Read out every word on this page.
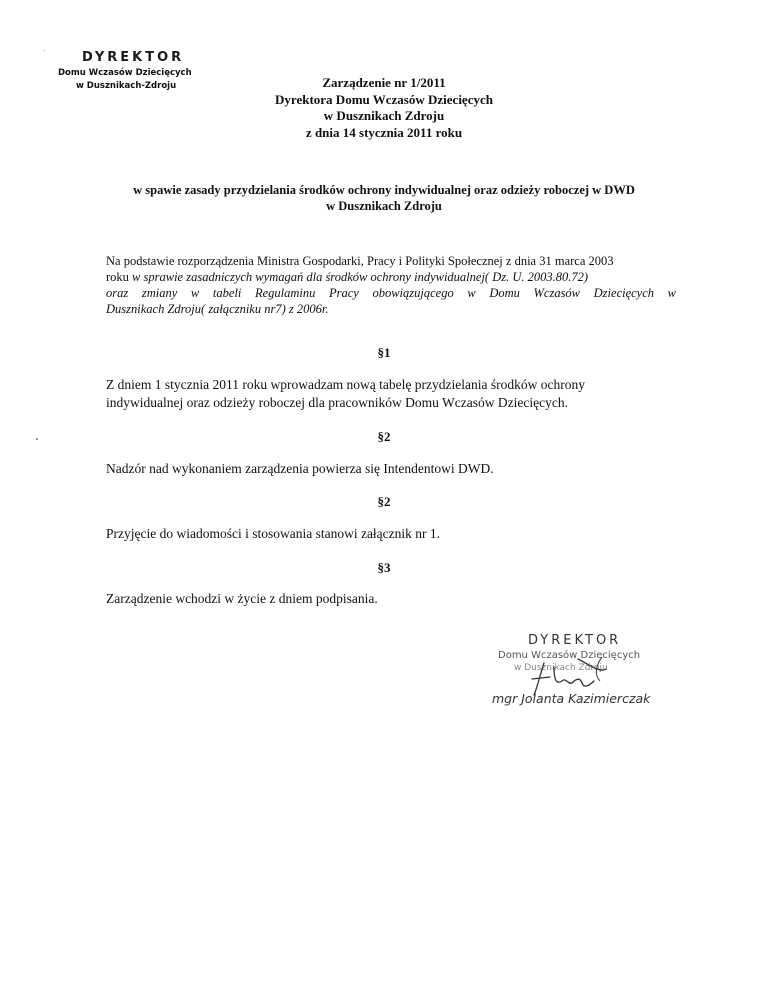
DYREKTOR
Domu Wczasów Dziecięcych
w Dusznikach-Zdroju	Zarządzenie nr 1/2011
Dyrektora Domu Wczasów Dziecięcych
w Dusznikach Zdroju
z dnia 14 stycznia 2011 roku
w spawie zasady przydzielania środków ochrony indywidualnej oraz odzieży roboczej w DWD
w Dusznikach Zdroju
Na podstawie rozporządzenia Ministra Gospodarki, Pracy i Polityki Społecznej z dnia 31 marca 2003
roku w sprawie zasadniczych wymagań dla środków ochrony indywidualnej( Dz. U. 2003.80.72)
oraz zmiany w tabeli Regulaminu Pracy obowiązującego w Domu Wczasów Dziecięcych w
Dusznikach Zdroju( załączniku nr7) z 2006r.
§1
Z dniem 1 stycznia 2011 roku wprowadzam nową tabelę przydzielania środków ochrony
indywidualnej oraz odzieży roboczej dla pracowników Domu Wczasów Dziecięcych.
§2
Nadzór nad wykonaniem zarządzenia powierza się Intendentowi DWD.
§2
Przyjęcie do wiadomości i stosowania stanowi załącznik nr 1.
§3
Zarządzenie wchodzi w życie z dniem podpisania.
DYREKTOR
Domu Wczasów Dziecięcych
w Dusznikach Zdroju
mgr Jolanta Kazimierczak
